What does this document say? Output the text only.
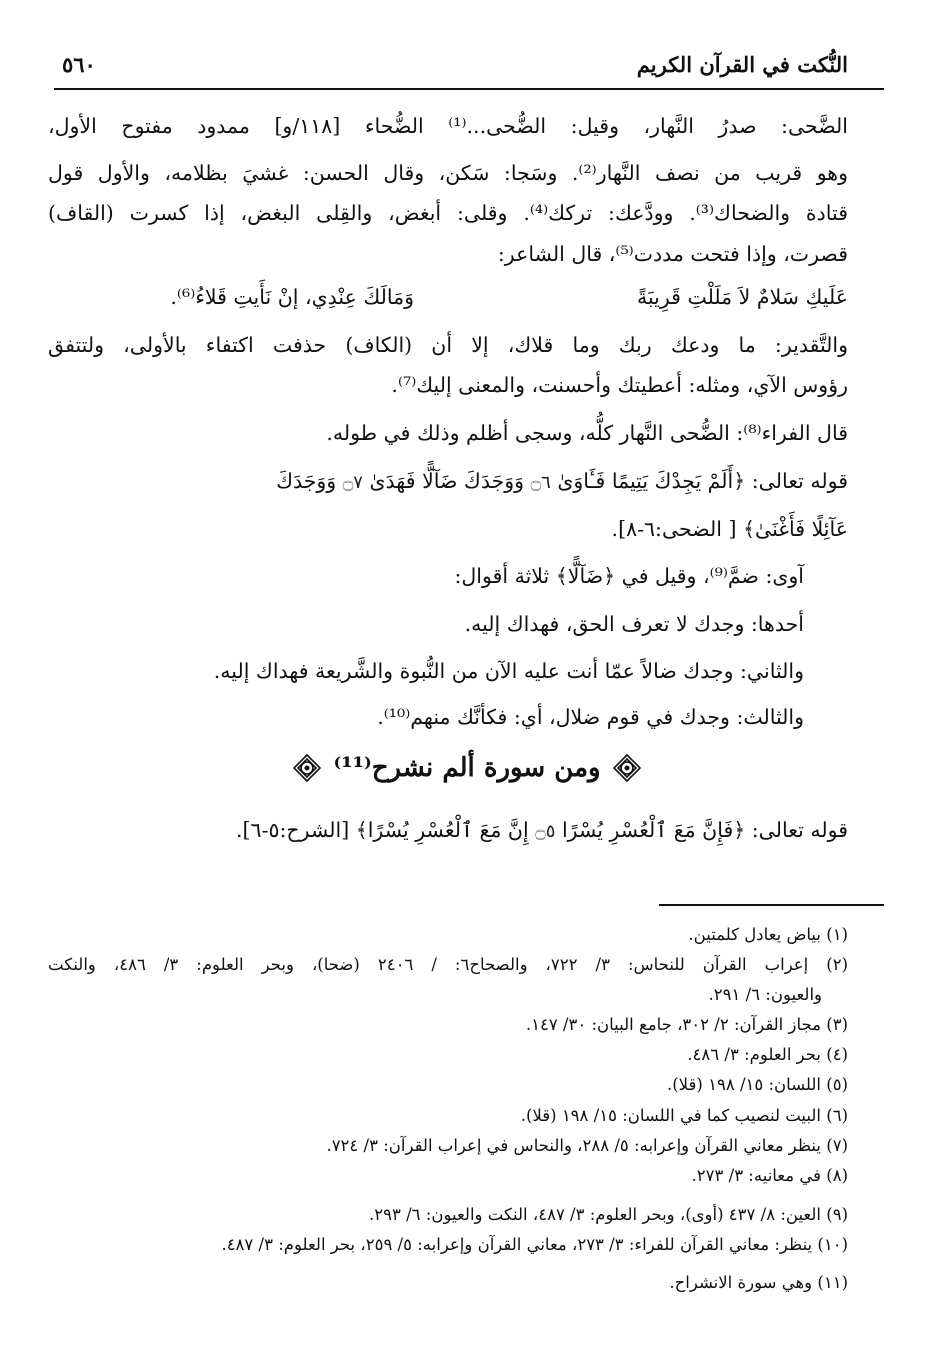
النُّكت في القرآن الكريم
٥٦٠
الضَّحى: صدرُ النَّهار، وقيل: الضُّحى...⁽¹⁾ الضُّحاء [١١٨/و] ممدود مفتوح الأول،
وهو قريب من نصف النَّهار⁽²⁾. وسَجا: سَكن، وقال الحسن: غشيَ بظلامه، والأول قول
قتادة والضحاك⁽³⁾. وودَّعك: تركك⁽⁴⁾. وقلى: أبغض، والقِلى البغض، إذا كسرت (القاف)
قصرت، وإذا فتحت مددت⁽⁵⁾، قال الشاعر:
عَلَيكِ سَلامٌ لاَ مَلَلْتِ قَرِيبَةً
وَمَالَكَ عِنْدِي، إنْ نَأَيتِ قَلاءُ⁽⁶⁾.
والتَّقدير: ما ودعك ربك وما قلاك، إلا أن (الكاف) حذفت اكتفاء بالأولى، ولتتفق
رؤوس الآي، ومثله: أعطيتك وأحسنت، والمعنى إليك⁽⁷⁾.
قال الفراء⁽⁸⁾: الضُّحى النَّهار كلُّه، وسجى أظلم وذلك في طوله.
قوله تعالى: ﴿أَلَمْ يَجِدْكَ يَتِيمًا فَـَٔاوَىٰ ۝٦ وَوَجَدَكَ ضَآلًّا فَهَدَىٰ ۝٧ وَوَجَدَكَ
عَآئِلًا فَأَغْنَىٰ﴾ [ الضحى:٦-٨].
آوى: ضمَّ⁽⁹⁾، وقيل في ﴿ضَآلًّا﴾ ثلاثة أقوال:
أحدها: وجدك لا تعرف الحق، فهداك إليه.
والثاني: وجدك ضالاً عمّا أنت عليه الآن من النُّبوة والشَّريعة فهداك إليه.
والثالث: وجدك في قوم ضلال، أي: فكأنَّك منهم⁽¹⁰⁾.
ومن سورة ألم نشرح⁽¹¹⁾
قوله تعالى: ﴿فَإِنَّ مَعَ ٱلْعُسْرِ يُسْرًا ۝٥ إِنَّ مَعَ ٱلْعُسْرِ يُسْرًا﴾ [الشرح:٥-٦].
(١) بياض يعادل كلمتين.
(٢) إعراب القرآن للنحاس: ٣/ ٧٢٢، والصحاح٦: / ٢٤٠٦ (ضحا)، وبحر العلوم: ٣/ ٤٨٦، والنكت
والعيون: ٦/ ٢٩١.
(٣) مجاز القرآن: ٢/ ٣٠٢، جامع البيان: ٣٠/ ١٤٧.
(٤) بحر العلوم: ٣/ ٤٨٦.
(٥) اللسان: ١٥/ ١٩٨ (قلا).
(٦) البيت لنصيب كما في اللسان: ١٥/ ١٩٨ (قلا).
(٧) ينظر معاني القرآن وإعرابه: ٥/ ٢٨٨، والنحاس في إعراب القرآن: ٣/ ٧٢٤.
(٨) في معانيه: ٣/ ٢٧٣.
(٩) العين: ٨/ ٤٣٧ (أوى)، وبحر العلوم: ٣/ ٤٨٧، النكت والعيون: ٦/ ٢٩٣.
(١٠) ينظر: معاني القرآن للفراء: ٣/ ٢٧٣، معاني القرآن وإعرابه: ٥/ ٢٥٩، بحر العلوم: ٣/ ٤٨٧.
(١١) وهي سورة الانشراح.
